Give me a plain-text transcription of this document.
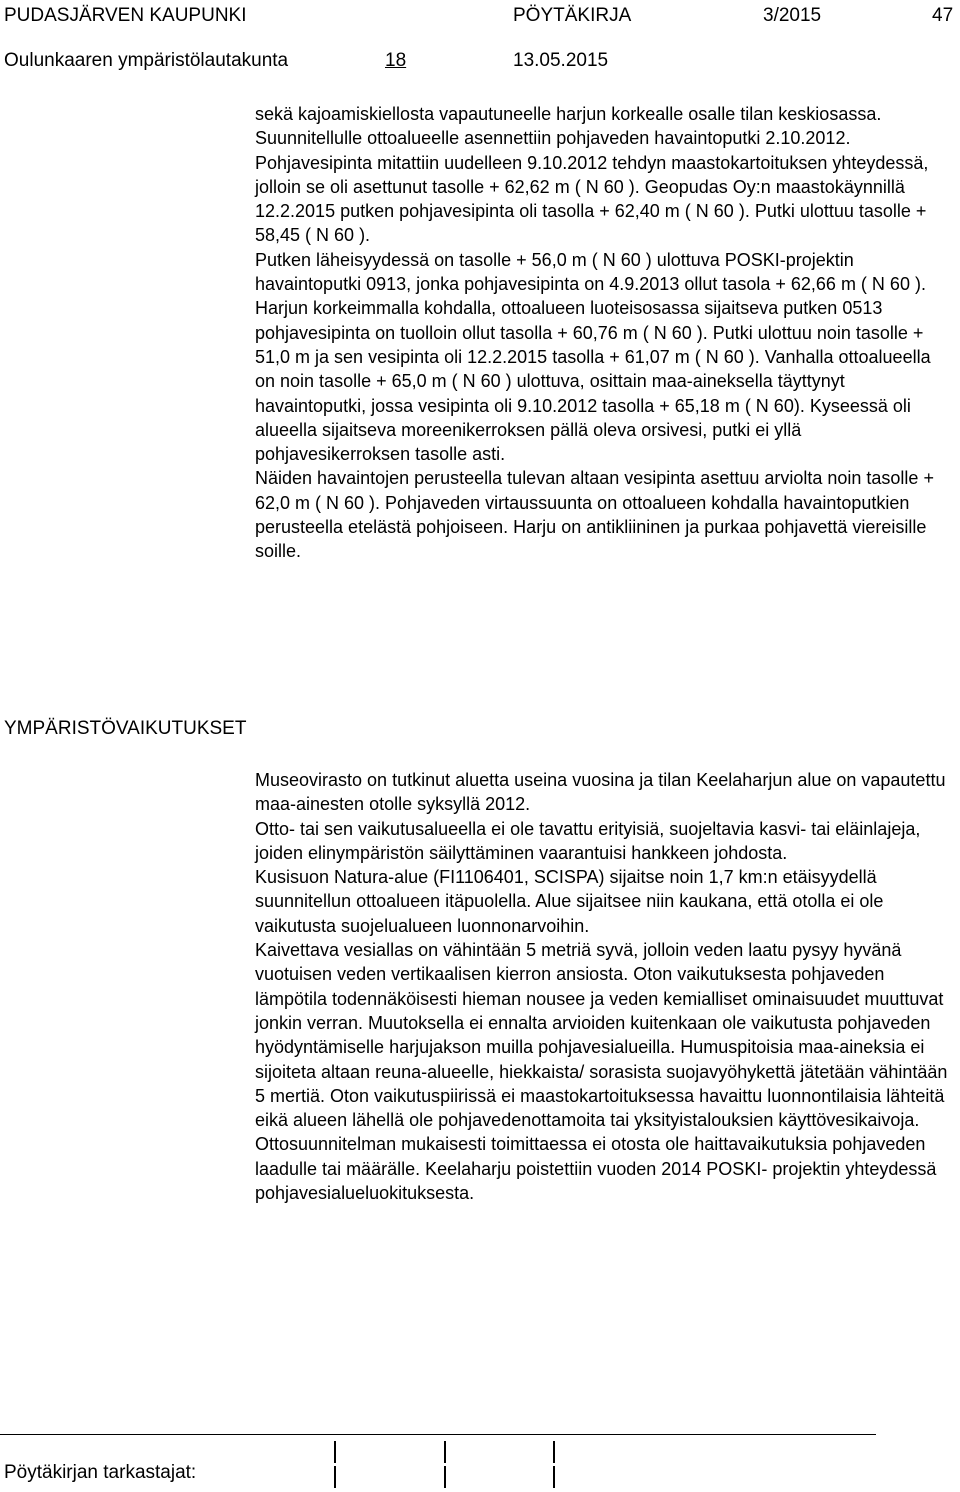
PUDASJÄRVEN KAUPUNKI	PÖYTÄKIRJA	3/2015	47
Oulunkaaren ympäristölautakunta	18	13.05.2015

sekä kajoamiskiellosta vapautuneelle harjun korkealle osalle tilan keskiosassa.

Suunnitellulle ottoalueelle asennettiin pohjaveden havaintoputki 2.10.2012. Pohjavesipinta mitattiin uudelleen 9.10.2012 tehdyn maastokartoituksen yhteydessä, jolloin se oli asettunut tasolle + 62,62 m ( N 60 ). Geopudas Oy:n maastokäynnillä 12.2.2015 putken pohjavesipinta oli tasolla + 62,40 m ( N 60 ). Putki ulottuu tasolle + 58,45 ( N 60 ).

Putken läheisyydessä on tasolle + 56,0 m ( N 60 ) ulottuva POSKI-projektin havaintoputki 0913, jonka pohjavesipinta on 4.9.2013 ollut tasola + 62,66 m ( N 60 ). Harjun korkeimmalla kohdalla, ottoalueen luoteisosassa sijaitseva putken 0513 pohjavesipinta on tuolloin ollut tasolla + 60,76 m ( N 60 ). Putki ulottuu noin tasolle + 51,0 m ja sen vesipinta oli 12.2.2015 tasolla + 61,07 m ( N 60 ). Vanhalla ottoalueella on noin tasolle + 65,0 m ( N 60 ) ulottuva, osittain maa-aineksella täyttynyt havaintoputki, jossa vesipinta oli 9.10.2012 tasolla + 65,18 m ( N 60). Kyseessä oli alueella sijaitseva moreenikerroksen pällä oleva orsivesi, putki ei yllä pohjavesikerroksen tasolle asti.

Näiden havaintojen perusteella tulevan altaan vesipinta asettuu arviolta noin tasolle + 62,0 m ( N 60 ). Pohjaveden virtaussuunta on ottoalueen kohdalla havaintoputkien perusteella etelästä pohjoiseen. Harju on antikliininen ja purkaa pohjavettä viereisille soille.

YMPÄRISTÖVAIKUTUKSET

Museovirasto on tutkinut aluetta useina vuosina ja tilan Keelaharjun alue on vapautettu maa-ainesten otolle syksyllä 2012.

Otto- tai sen vaikutusalueella ei ole tavattu erityisiä, suojeltavia kasvi- tai eläinlajeja, joiden elinympäristön säilyttäminen vaarantuisi hankkeen johdosta.

Kusisuon Natura-alue (FI1106401, SCISPA) sijaitse noin 1,7 km:n etäisyydellä suunnitellun ottoalueen itäpuolella. Alue sijaitsee niin kaukana, että otolla ei ole vaikutusta suojelualueen luonnonarvoihin.

Kaivettava vesiallas on vähintään 5 metriä syvä, jolloin veden laatu pysyy hyvänä vuotuisen veden vertikaalisen kierron ansiosta. Oton vaikutuksesta pohjaveden lämpötila todennäköisesti hieman nousee ja veden kemialliset ominaisuudet muuttuvat jonkin verran. Muutoksella ei ennalta arvioiden kuitenkaan ole vaikutusta pohjaveden hyödyntämiselle harjujakson muilla pohjavesialueilla. Humuspitoisia maa-aineksia ei sijoiteta altaan reuna-alueelle, hiekkaista/ sorasista suojavyöhykettä jätetään vähintään 5 mertiä. Oton vaikutuspiirissä ei maastokartoituksessa havaittu luonnontilaisia lähteitä eikä alueen lähellä ole pohjavedenottamoita tai yksityistalouksien käyttövesikaivoja. Ottosuunnitelman mukaisesti toimittaessa ei otosta ole haittavaikutuksia pohjaveden laadulle tai määrälle. Keelaharju poistettiin vuoden 2014 POSKI- projektin yhteydessä pohjavesialueluokituksesta.

Pöytäkirjan tarkastajat:
